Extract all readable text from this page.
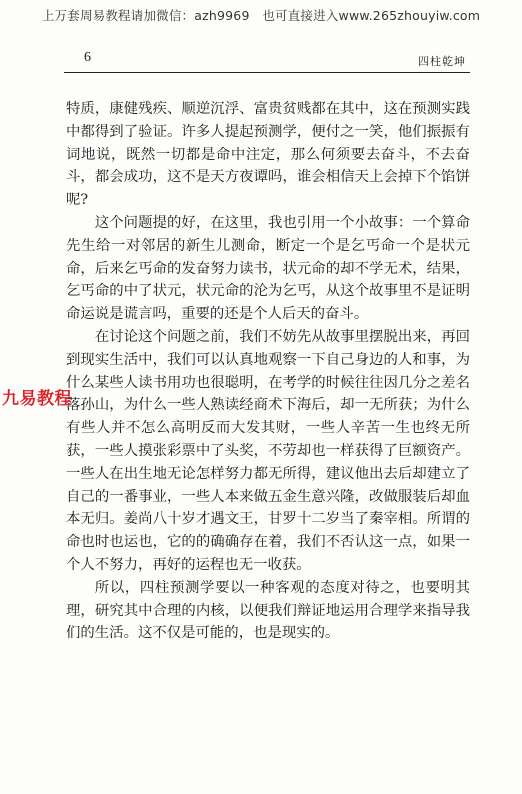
上万套周易教程请加微信：azh9969　也可直接进入www.265zhouyiw.com
6	四柱乾坤

特质，康健残疾、顺逆沉浮、富贵贫贱都在其中，这在预测实践中都得到了验证。许多人提起预测学，便付之一笑，他们振振有词地说，既然一切都是命中注定，那么何须要去奋斗，不去奋斗，都会成功，这不是天方夜谭吗，谁会相信天上会掉下个馅饼呢?

这个问题提的好，在这里，我也引用一个小故事：一个算命先生给一对邻居的新生儿测命，断定一个是乞丐命一个是状元命，后来乞丐命的发奋努力读书，状元命的却不学无术，结果，乞丐命的中了状元，状元命的沦为乞丐，从这个故事里不是证明命运说是谎言吗，重要的还是个人后天的奋斗。

在讨论这个问题之前，我们不妨先从故事里摆脱出来，再回到现实生活中，我们可以认真地观察一下自己身边的人和事，为什么某些人读书用功也很聪明，在考学的时候往往因几分之差名落孙山，为什么一些人熟读经商术下海后，却一无所获；为什么有些人并不怎么高明反而大发其财，一些人辛苦一生也终无所获，一些人摸张彩票中了头奖，不劳却也一样获得了巨额资产。一些人在出生地无论怎样努力都无所得，建议他出去后却建立了自己的一番事业，一些人本来做五金生意兴隆，改做服装后却血本无归。姜尚八十岁才遇文王，甘罗十二岁当了秦宰相。所谓的命也时也运也，它的的确确存在着，我们不否认这一点，如果一个人不努力，再好的运程也无一收获。

所以，四柱预测学要以一种客观的态度对待之，也要明其理，研究其中合理的内核，以便我们辩证地运用合理学来指导我们的生活。这不仅是可能的，也是现实的。

九易教程
